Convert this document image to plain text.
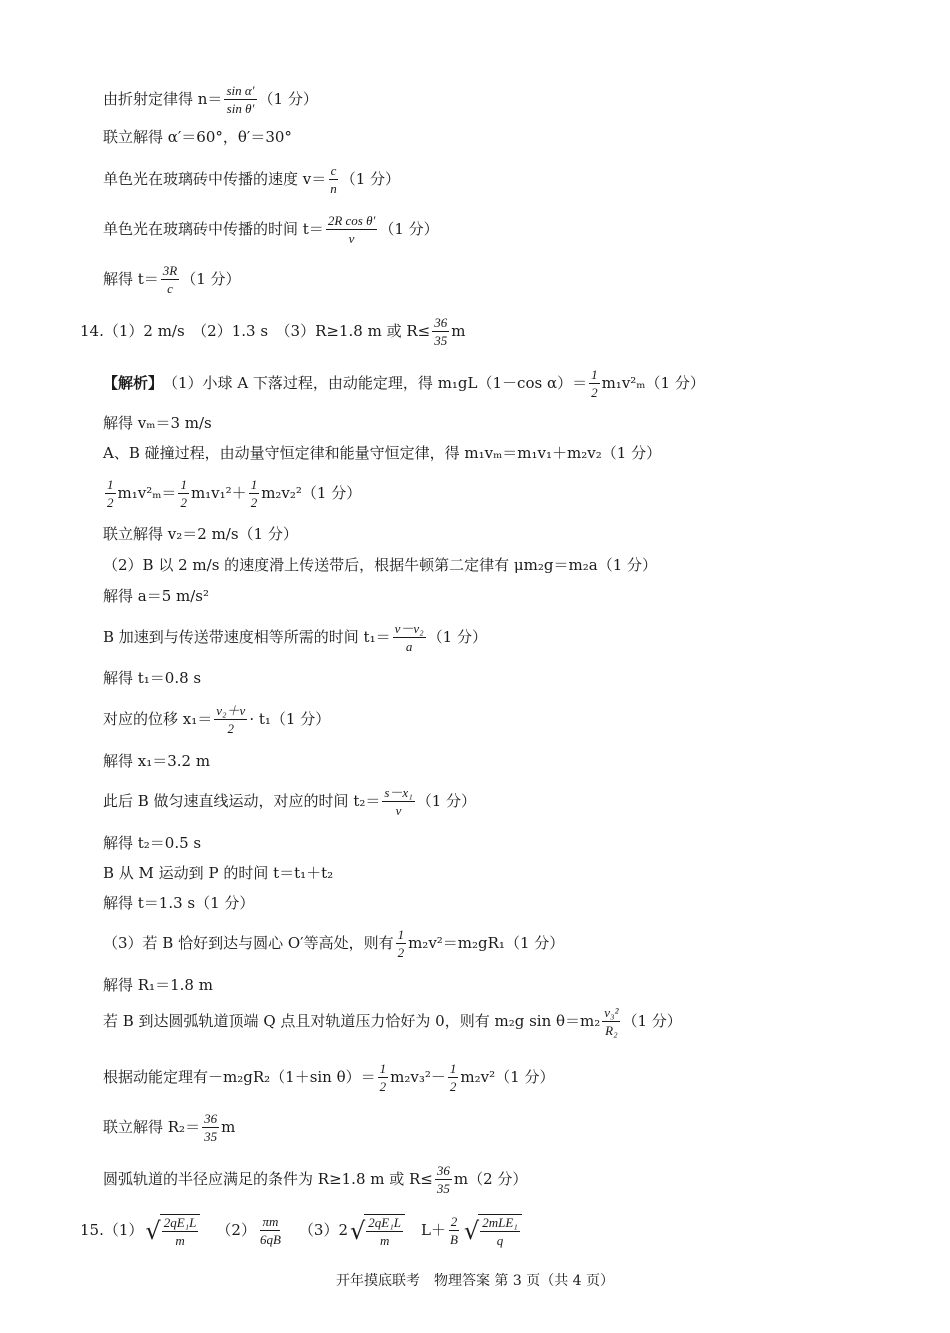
由折射定律得 $n= \frac{\text{sin α′}}{\text{sin θ′}} (1$ 分）
联立解得 α′＝60°，θ′＝30°
单色光在玻璃砖中传播的速度 $v= \frac{c}{n} (1$ 分）
单色光在玻璃砖中传播的时间 $t= \frac{\text{2R cos θ′}}{v} (1$ 分）
解得 $t= \frac{3R}{c} (1$ 分）
14.（1）2 m/s　（2）1.3 s　（3）R≥1.8 m 或 $R\le \frac{36}{35}$ m
【解析】 （1）小球 A 下落过程，由动能定理，得 m₁gL（1－cos $\alpha)= \frac{1}{2} m_1v^2_m(1$ 分）
解得 vₘ＝3 m/s
A、B 碰撞过程，由动量守恒定律和能量守恒定律，得 m₁vₘ＝m₁v₁＋m₂v₂（1 分）
$\frac{1}{2} m_1v^2_m= \frac{1}{2} m_1v_1^2+ \frac{1}{2} m_2v_2^2(1$ 分）
联立解得 v₂＝2 m/s（1 分）
（2）B 以 2 m/s 的速度滑上传送带后，根据牛顿第二定律有 μm₂g＝m₂a（1 分）
解得 a＝5 m/s²
B 加速到与传送带速度相等所需的时间 $t_1= \frac{\text{v－v₂}}{a} (1$ 分）
解得 t₁＝0.8 s
对应的位移 $x_1= \frac{\text{v₂＋v}}{2} \cdot t_1(1$ 分）
解得 x₁＝3.2 m
此后 B 做匀速直线运动，对应的时间 $t_2= \frac{\text{s－x₁}}{v} (1$ 分）
解得 t₂＝0.5 s
B 从 M 运动到 P 的时间 t＝t₁＋t₂
解得 t＝1.3 s（1 分）
（3）若 B 恰好到达与圆心 O′等高处，则有 $\frac{1}{2} m_2v^2=m_2gR_1(1$ 分）
解得 R₁＝1.8 m
若 B 到达圆弧轨道顶端 Q 点且对轨道压力恰好为 0，则有 m₂g $\sin \theta=m_2 \frac{\text{v₃²}}{\text{R₂}} (1$ 分）
根据动能定理有－m₂gR₂（1＋sin $\theta)= \frac{1}{2} m_2v_3^2- \frac{1}{2} m_2v^2(1$ 分）
联立解得 $R_2= \frac{36}{35}$ m
圆弧轨道的半径应满足的条件为 R≥1.8 m 或 $R\le \frac{36}{35} m(2$ 分）
15.（1） √ $\frac{\text{2qE₁L}}{m} (2) \frac{\pi m}{6qB} (3)2$ √ $\frac{\text{2qE₁L}}{m} L+ \frac{2}{B}$ √ $\frac{\text{2mLE₁}}{q}$
开年摸底联考　物理答案 第 3 页（共 4 页）
